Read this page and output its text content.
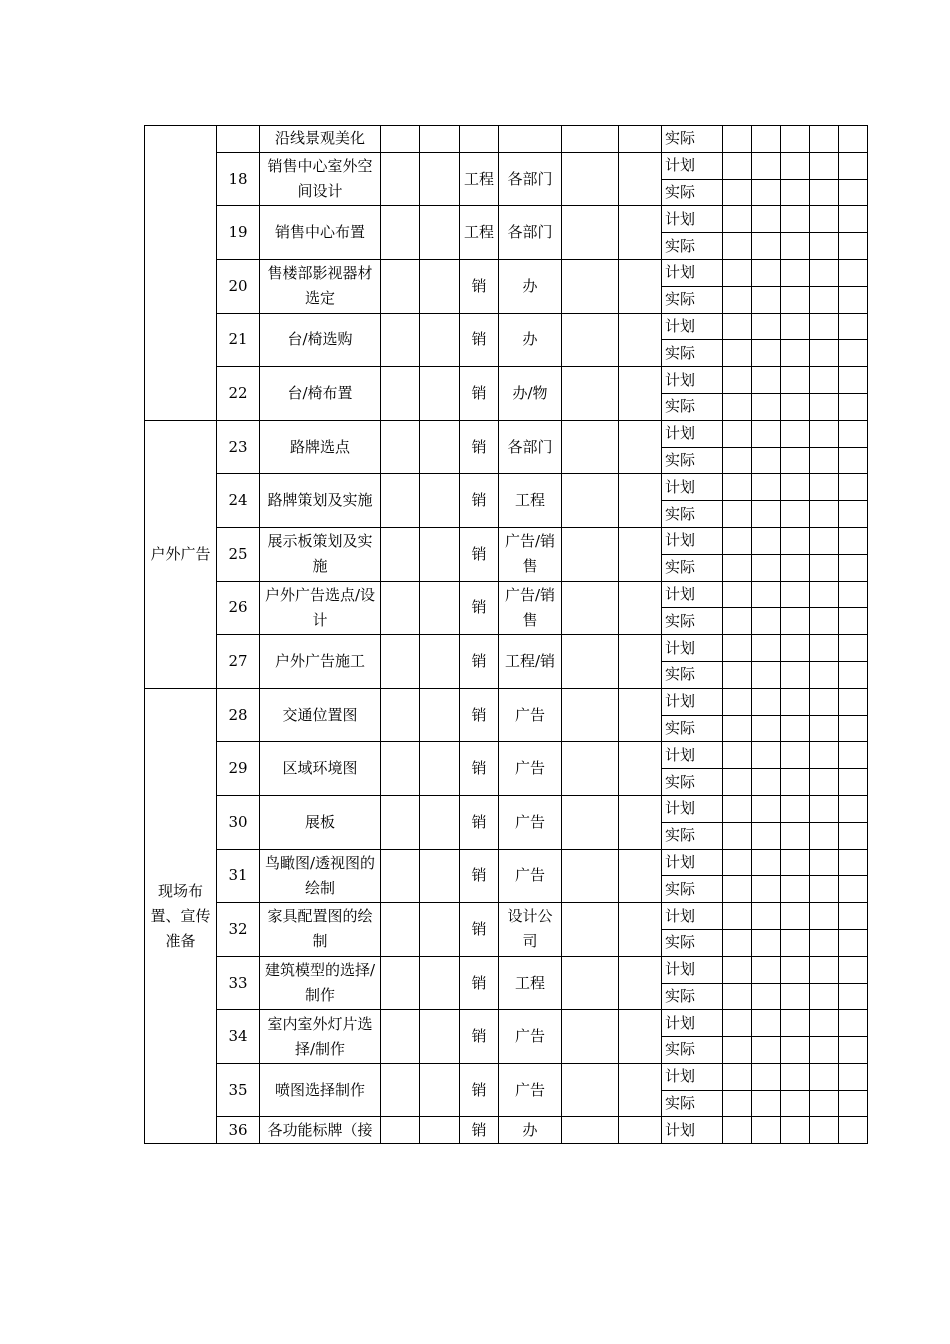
		沿线景观美化							实际					
	18	销售中心室外空间设计			工程	各部门			计划					
									实际					
	19	销售中心布置			工程	各部门			计划					
									实际					
	20	售楼部影视器材选定			销	办			计划					
									实际					
	21	台/椅选购			销	办			计划					
									实际					
	22	台/椅布置			销	办/物			计划					
									实际					
户外广告	23	路牌选点			销	各部门			计划					
									实际					
	24	路牌策划及实施			销	工程			计划					
									实际					
	25	展示板策划及实施			销	广告/销售			计划					
									实际					
	26	户外广告选点/设计			销	广告/销售			计划					
									实际					
	27	户外广告施工			销	工程/销			计划					
									实际					
现场布置、宣传准备	28	交通位置图			销	广告			计划					
									实际					
	29	区域环境图			销	广告			计划					
									实际					
	30	展板			销	广告			计划					
									实际					
	31	鸟瞰图/透视图的绘制			销	广告			计划					
									实际					
	32	家具配置图的绘制			销	设计公司			计划					
									实际					
	33	建筑模型的选择/制作			销	工程			计划					
									实际					
	34	室内室外灯片选择/制作			销	广告			计划					
									实际					
	35	喷图选择制作			销	广告			计划					
									实际					
	36	各功能标牌（接			销	办			计划					
